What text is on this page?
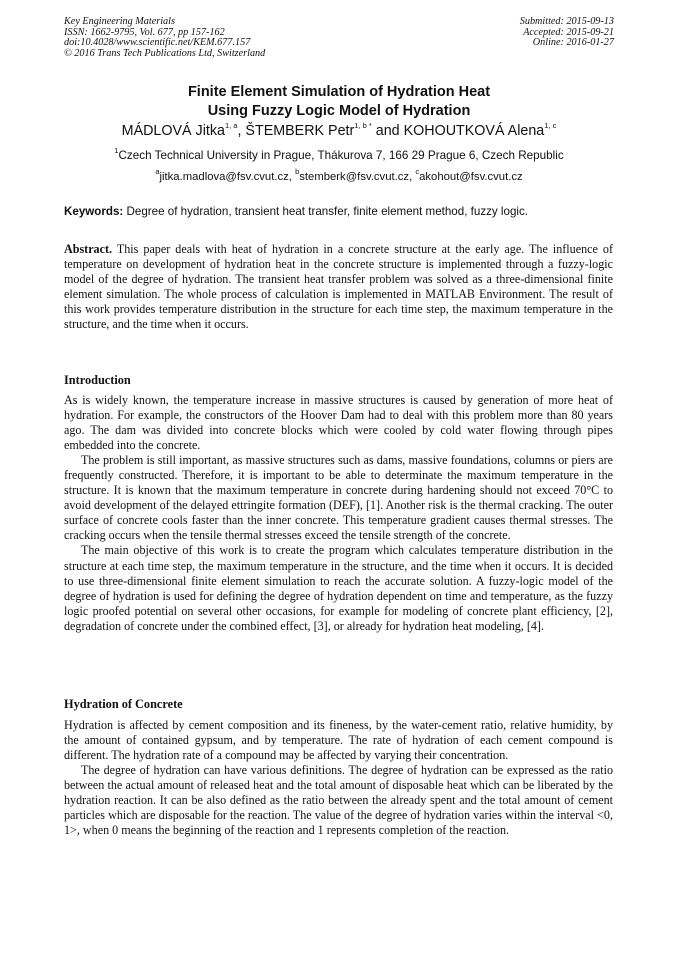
Key Engineering Materials
ISSN: 1662-9795, Vol. 677, pp 157-162
doi:10.4028/www.scientific.net/KEM.677.157
© 2016 Trans Tech Publications Ltd, Switzerland
Submitted: 2015-09-13
Accepted: 2015-09-21
Online: 2016-01-27
Finite Element Simulation of Hydration Heat
Using Fuzzy Logic Model of Hydration
MÁDLOVÁ Jitka$^{1, a}$, ŠTEMBERK Petr$^{1, b *}$ and KOHOUTKOVÁ Alena$^{1, c}$
$^1$Czech Technical University in Prague, Thákurova 7, 166 29 Prague 6, Czech Republic
$^a$jitka.madlova@fsv.cvut.cz, $^b$stemberk@fsv.cvut.cz, $^c$akohout@fsv.cvut.cz
Keywords: Degree of hydration, transient heat transfer, finite element method, fuzzy logic.

Abstract. This paper deals with heat of hydration in a concrete structure at the early age. The influence of temperature on development of hydration heat in the concrete structure is implemented through a fuzzy-logic model of the degree of hydration. The transient heat transfer problem was solved as a three-dimensional finite element simulation. The whole process of calculation is implemented in MATLAB Environment. The result of this work provides temperature distribution in the structure for each time step, the maximum temperature in the structure, and the time when it occurs.

Introduction

As is widely known, the temperature increase in massive structures is caused by generation of more heat of hydration. For example, the constructors of the Hoover Dam had to deal with this problem more than 80 years ago. The dam was divided into concrete blocks which were cooled by cold water flowing through pipes embedded into the concrete.

The problem is still important, as massive structures such as dams, massive foundations, columns or piers are frequently constructed. Therefore, it is important to be able to determinate the maximum temperature in the structure. It is known that the maximum temperature in concrete during hardening should not exceed 70°C to avoid development of the delayed ettringite formation (DEF), [1]. Another risk is the thermal cracking. The outer surface of concrete cools faster than the inner concrete. This temperature gradient causes thermal stresses. The cracking occurs when the tensile thermal stresses exceed the tensile strength of the concrete.

The main objective of this work is to create the program which calculates temperature distribution in the structure at each time step, the maximum temperature in the structure, and the time when it occurs. It is decided to use three-dimensional finite element simulation to reach the accurate solution. A fuzzy-logic model of the degree of hydration is used for defining the degree of hydration dependent on time and temperature, as the fuzzy logic proofed potential on several other occasions, for example for modeling of concrete plant efficiency, [2], degradation of concrete under the combined effect, [3], or already for hydration heat modeling, [4].

Hydration of Concrete

Hydration is affected by cement composition and its fineness, by the water-cement ratio, relative humidity, by the amount of contained gypsum, and by temperature. The rate of hydration of each cement compound is different. The hydration rate of a compound may be affected by varying their concentration.

The degree of hydration can have various definitions. The degree of hydration can be expressed as the ratio between the actual amount of released heat and the total amount of disposable heat which can be liberated by the hydration reaction. It can be also defined as the ratio between the already spent and the total amount of cement particles which are disposable for the reaction. The value of the degree of hydration varies within the interval <0, 1>, when 0 means the beginning of the reaction and 1 represents completion of the reaction.
